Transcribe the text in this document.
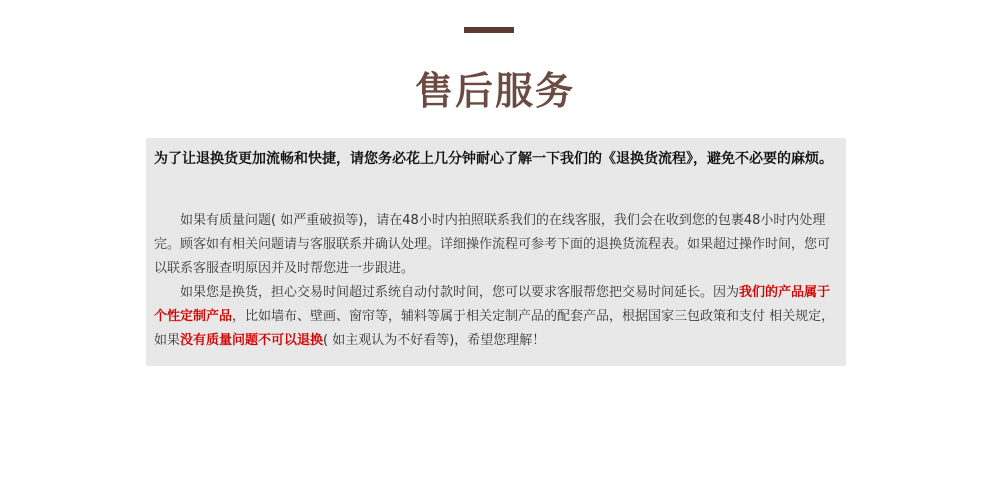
售后服务
为了让退换货更加流畅和快捷，请您务必花上几分钟耐心了解一下我们的《退换货流程》，避免不必要的麻烦。
如果有质量问题( 如严重破损等)，请在48小时内拍照联系我们的在线客服，我们会在收到您的包裹48小时内处理完。顾客如有相关问题请与客服联系并确认处理。详细操作流程可参考下面的退换货流程表。如果超过操作时间，您可以联系客服查明原因并及时帮您进一步跟进。
如果您是换货，担心交易时间超过系统自动付款时间，您可以要求客服帮您把交易时间延长。因为我们的产品属于个性定制产品，比如墙布、壁画、窗帘等，辅料等属于相关定制产品的配套产品，根据国家三包政策和支付 相关规定， 如果没有质量问题不可以退换( 如主观认为不好看等)，希望您理解！
